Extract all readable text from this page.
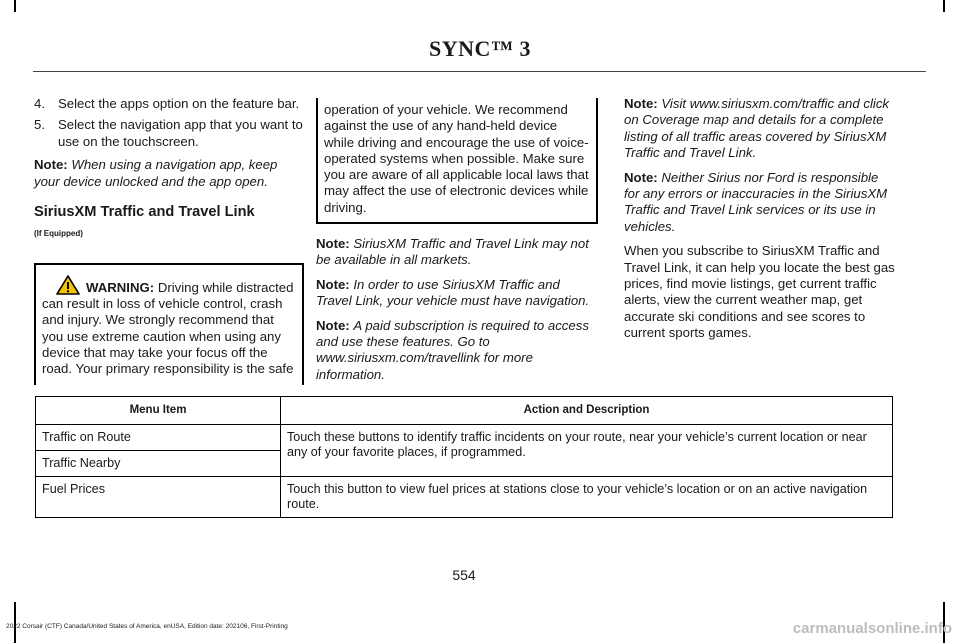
SYNC™ 3
4. Select the apps option on the feature bar.
5. Select the navigation app that you want to use on the touchscreen.

Note: When using a navigation app, keep your device unlocked and the app open.

SiriusXM Traffic and Travel Link
(If Equipped)
WARNING: Driving while distracted can result in loss of vehicle control, crash and injury. We strongly recommend that you use extreme caution when using any device that may take your focus off the road. Your primary responsibility is the safe
operation of your vehicle. We recommend against the use of any hand-held device while driving and encourage the use of voice-operated systems when possible. Make sure you are aware of all applicable local laws that may affect the use of electronic devices while driving.

Note: SiriusXM Traffic and Travel Link may not be available in all markets.

Note: In order to use SiriusXM Traffic and Travel Link, your vehicle must have navigation.

Note: A paid subscription is required to access and use these features. Go to www.siriusxm.com/travellink for more information.

Note: Visit www.siriusxm.com/traffic and click on Coverage map and details for a complete listing of all traffic areas covered by SiriusXM Traffic and Travel Link.

Note: Neither Sirius nor Ford is responsible for any errors or inaccuracies in the SiriusXM Traffic and Travel Link services or its use in vehicles.

When you subscribe to SiriusXM Traffic and Travel Link, it can help you locate the best gas prices, find movie listings, get current traffic alerts, view the current weather map, get accurate ski conditions and see scores to current sports games.

Menu Item	Action and Description
Traffic on Route	Touch these buttons to identify traffic incidents on your route, near your vehicle’s current location or near any of your favorite places, if programmed.
Traffic Nearby	
Fuel Prices	Touch this button to view fuel prices at stations close to your vehicle’s location or on an active navigation route.
554
2022 Corsair (CTF) Canada/United States of America, enUSA, Edition date: 202106, First-Printing	carmanualsonline.info
